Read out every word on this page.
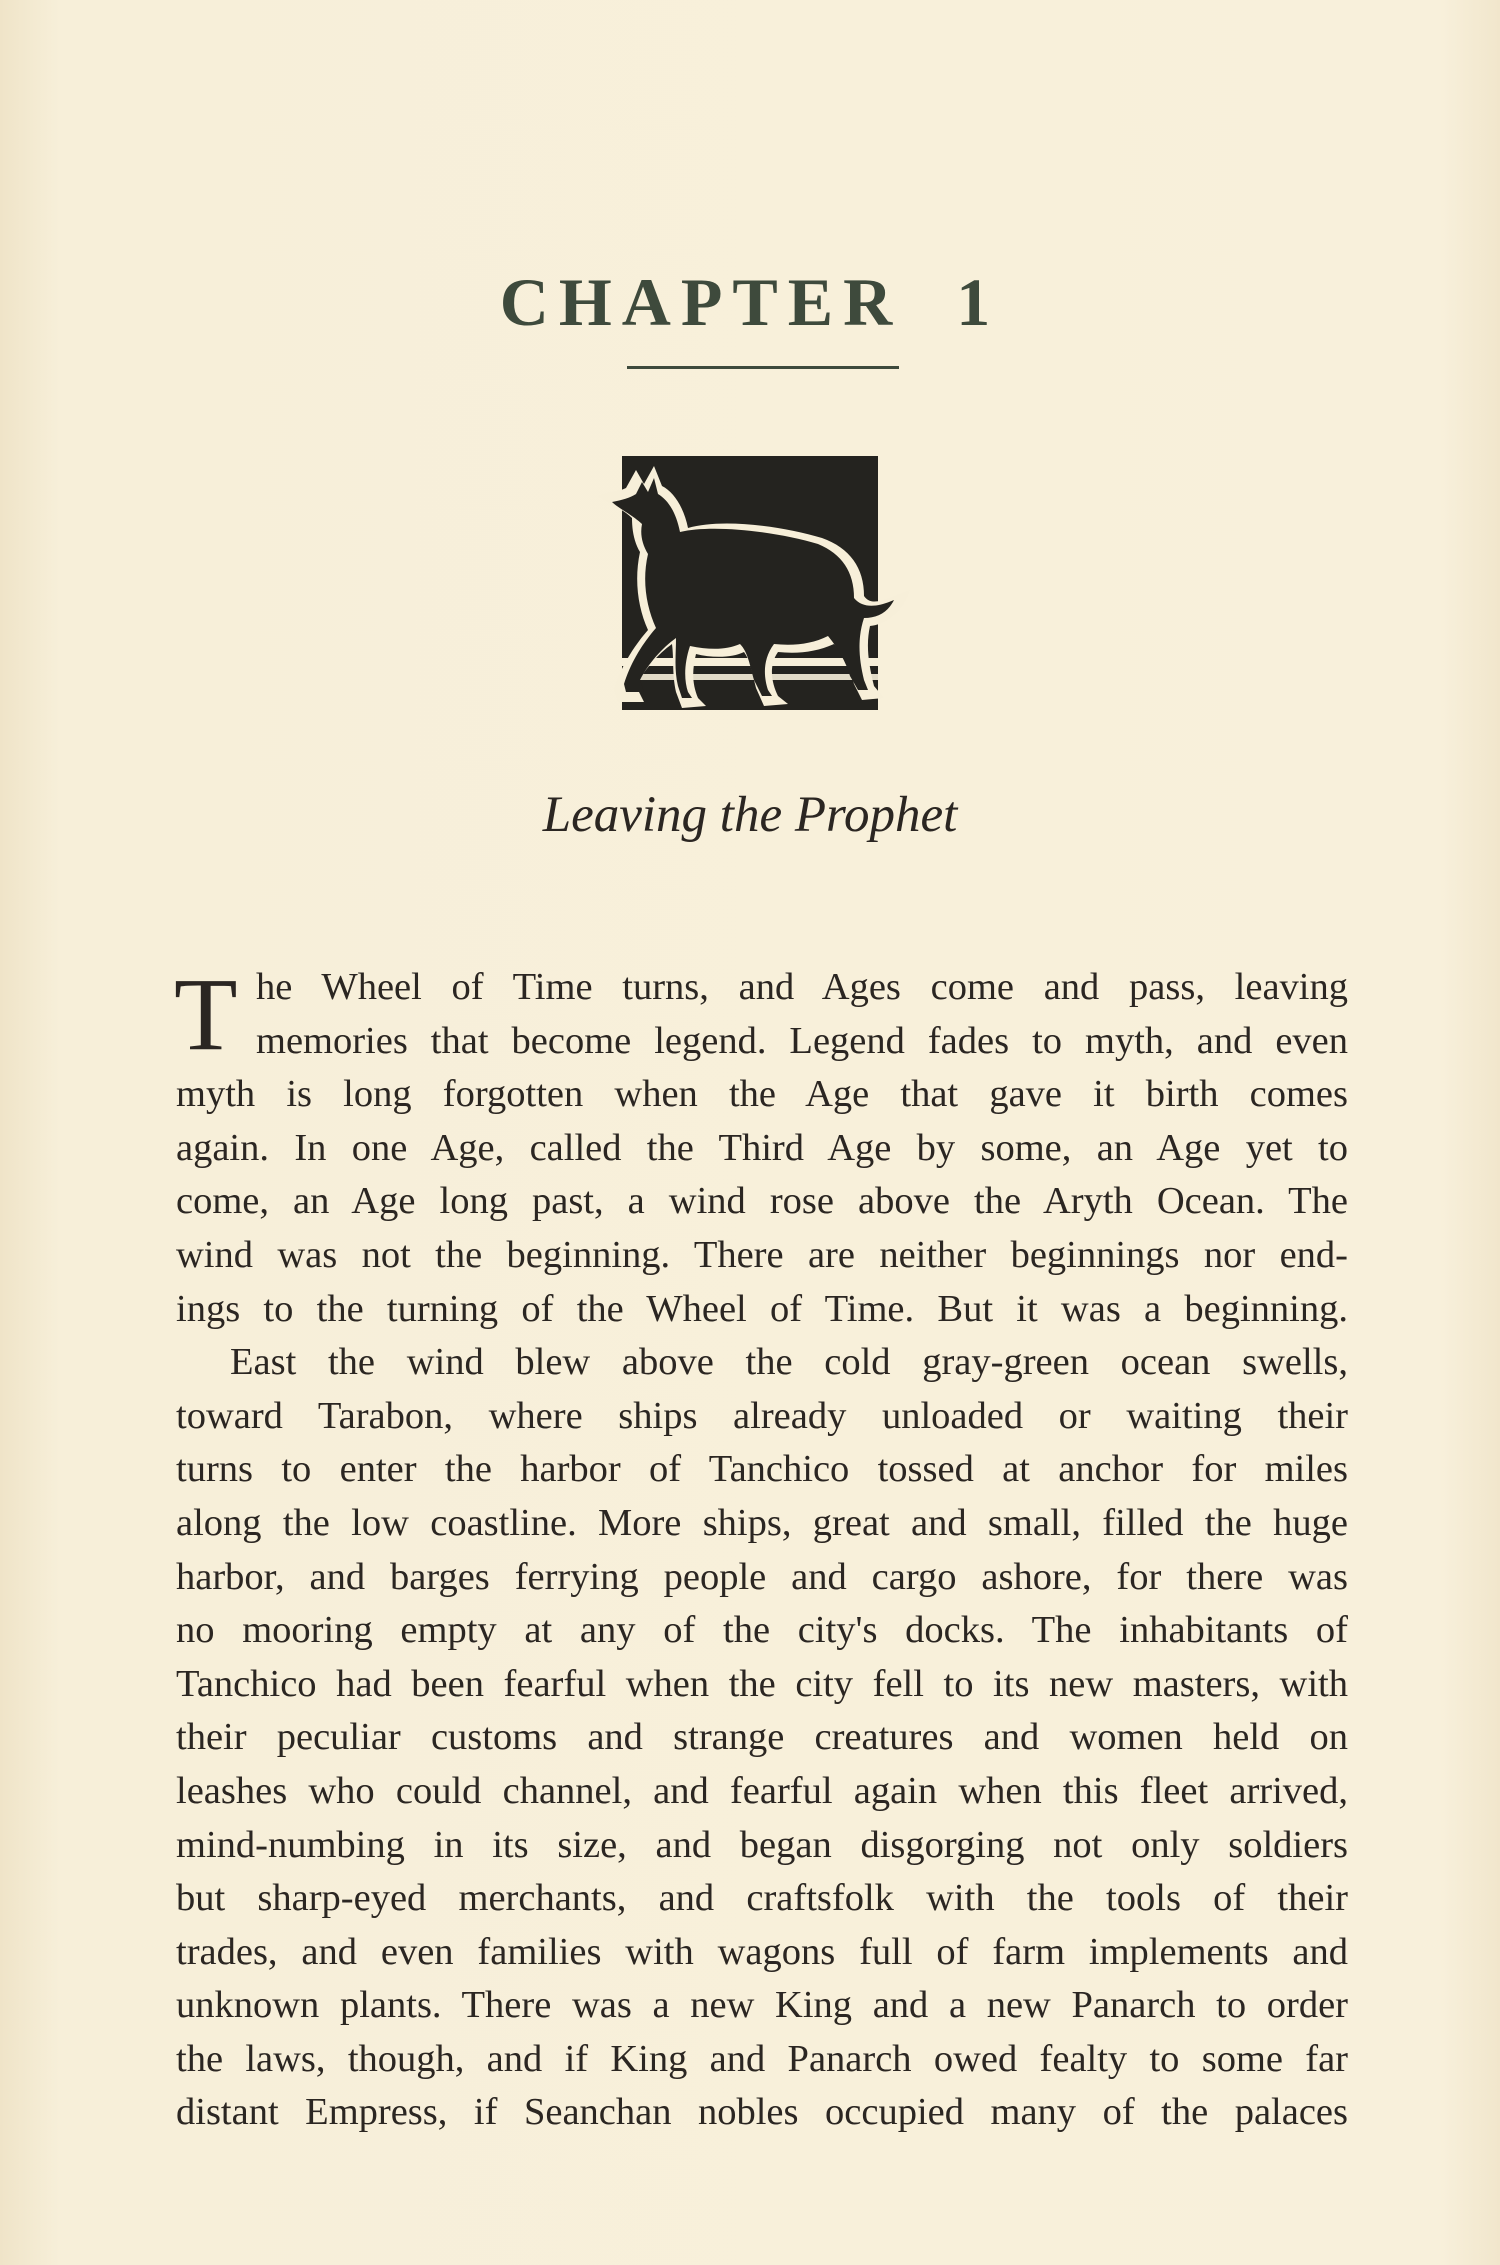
CHAPTER 1
Leaving the Prophet
T he Wheel of Time turns, and Ages come and pass, leaving
memories that become legend. Legend fades to myth, and even
myth is long forgotten when the Age that gave it birth comes
again. In one Age, called the Third Age by some, an Age yet to
come, an Age long past, a wind rose above the Aryth Ocean. The
wind was not the beginning. There are neither beginnings nor end-
ings to the turning of the Wheel of Time. But it was a beginning.
East the wind blew above the cold gray-green ocean swells,
toward Tarabon, where ships already unloaded or waiting their
turns to enter the harbor of Tanchico tossed at anchor for miles
along the low coastline. More ships, great and small, filled the huge
harbor, and barges ferrying people and cargo ashore, for there was
no mooring empty at any of the city's docks. The inhabitants of
Tanchico had been fearful when the city fell to its new masters, with
their peculiar customs and strange creatures and women held on
leashes who could channel, and fearful again when this fleet arrived,
mind-numbing in its size, and began disgorging not only soldiers
but sharp-eyed merchants, and craftsfolk with the tools of their
trades, and even families with wagons full of farm implements and
unknown plants. There was a new King and a new Panarch to order
the laws, though, and if King and Panarch owed fealty to some far
distant Empress, if Seanchan nobles occupied many of the palaces
